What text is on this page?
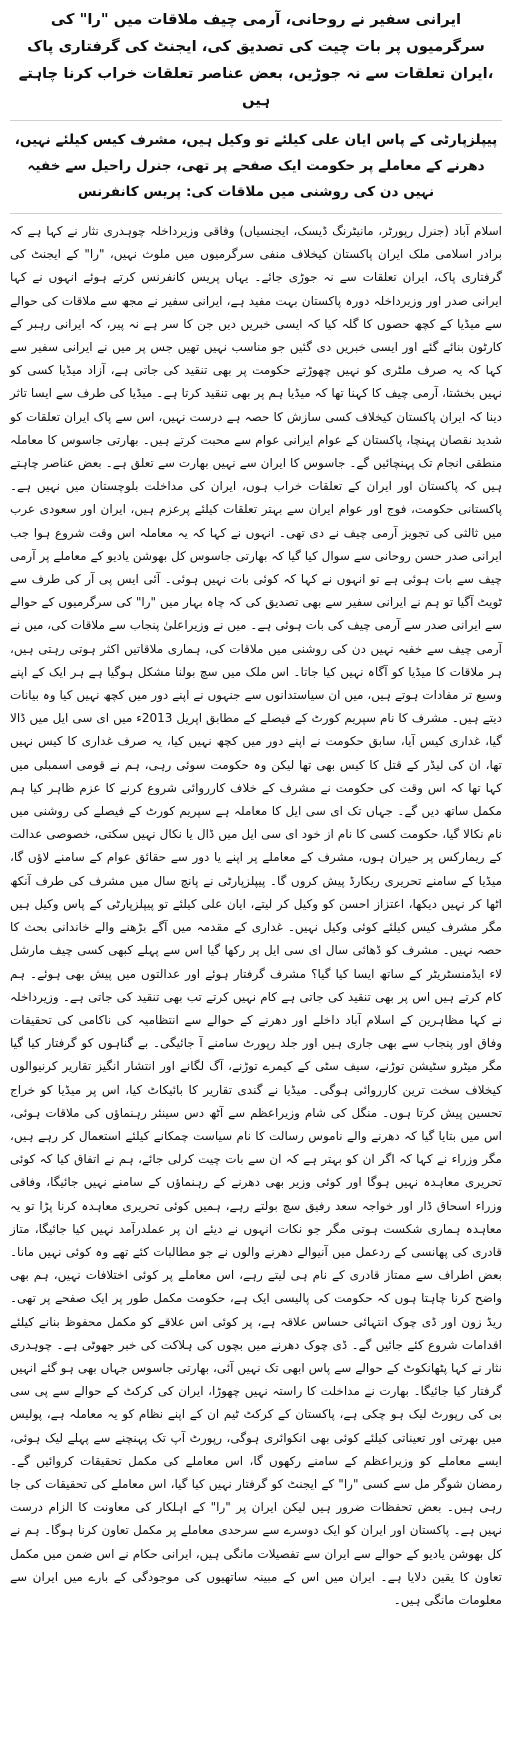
ایرانی سفیر نے روحانی، آرمی چیف ملاقات میں "را" کی سرگرمیوں پر بات چیت کی تصدیق کی، ایجنٹ کی گرفتاری پاک ،ایران تعلقات سے نہ جوڑیں، بعض عناصر تعلقات خراب کرنا چاہتے ہیں
پیپلزپارٹی کے پاس ایان علی کیلئے تو وکیل ہیں، مشرف کیس کیلئے نہیں، دھرنے کے معاملے پر حکومت ایک صفحے پر تھی، جنرل راحیل سے خفیہ نہیں دن کی روشنی میں ملاقات کی: پریس کانفرنس

اسلام آباد (جنرل رپورٹر، مانیٹرنگ ڈیسک، ایجنسیاں) وفاقی وزیرداخلہ چوہدری نثار نے کہا ہے کہ برادر اسلامی ملک ایران پاکستان کیخلاف منفی سرگرمیوں میں ملوث نہیں، "را" کے ایجنٹ کی گرفتاری پاک، ایران تعلقات سے نہ جوڑی جائے۔ یہاں پریس کانفرنس کرتے ہوئے انہوں نے کہا ایرانی صدر اور وزیرداخلہ دورہ پاکستان بہت مفید ہے، ایرانی سفیر نے مجھ سے ملاقات کی حوالے سے میڈیا کے کچھ حصوں کا گلہ کیا کہ ایسی خبریں دیں جن کا سر ہے نہ پیر، کہ ایرانی رہبر کے کارٹون بنائے گئے اور ایسی خبریں دی گئیں جو مناسب نہیں تھیں جس پر میں نے ایرانی سفیر سے کہا کہ یہ صرف ملٹری کو نہیں چھوڑتے حکومت پر بھی تنقید کی جاتی ہے، آزاد میڈیا کسی کو نہیں بخشتا، آرمی چیف کا کہنا تھا کہ میڈیا ہم پر بھی تنقید کرتا ہے۔ میڈیا کی طرف سے ایسا تاثر دینا کہ ایران پاکستان کیخلاف کسی سازش کا حصہ ہے درست نہیں، اس سے پاک ایران تعلقات کو شدید نقصان پہنچا، پاکستان کے عوام ایرانی عوام سے محبت کرتے ہیں۔ بھارتی جاسوس کا معاملہ منطقی انجام تک پہنچائیں گے۔ جاسوس کا ایران سے نہیں بھارت سے تعلق ہے۔ بعض عناصر چاہتے ہیں کہ پاکستان اور ایران کے تعلقات خراب ہوں، ایران کی مداخلت بلوچستان میں نہیں ہے۔ پاکستانی حکومت، فوج اور عوام ایران سے بہتر تعلقات کیلئے پرعزم ہیں، ایران اور سعودی عرب میں ثالثی کی تجویز آرمی چیف نے دی تھی۔ انہوں نے کہا کہ یہ معاملہ اس وقت شروع ہوا جب ایرانی صدر حسن روحانی سے سوال کیا گیا کہ بھارتی جاسوس کل بھوشن یادیو کے معاملے پر آرمی چیف سے بات ہوئی ہے تو انہوں نے کہا کہ کوئی بات نہیں ہوئی۔ آئی ایس پی آر کی طرف سے ٹویٹ آگیا تو ہم نے ایرانی سفیر سے بھی تصدیق کی کہ چاہ بہار میں "را" کی سرگرمیوں کے حوالے سے ایرانی صدر سے آرمی چیف کی بات ہوئی ہے۔ میں نے وزیراعلیٰ پنجاب سے ملاقات کی، میں نے آرمی چیف سے خفیہ نہیں دن کی روشنی میں ملاقات کی، ہماری ملاقاتیں اکثر ہوتی رہتی ہیں، ہر ملاقات کا میڈیا کو آگاہ نہیں کیا جاتا۔ اس ملک میں سچ بولنا مشکل ہوگیا ہے ہر ایک کے اپنے وسیع تر مفادات ہوتے ہیں، میں ان سیاستدانوں سے جنہوں نے اپنے دور میں کچھ نہیں کیا وہ بیانات دیتے ہیں۔ مشرف کا نام سپریم کورٹ کے فیصلے کے مطابق اپریل 2013ء میں ای سی ایل میں ڈالا گیا، غداری کیس آیا، سابق حکومت نے اپنے دور میں کچھ نہیں کیا، یہ صرف غداری کا کیس نہیں تھا، ان کی لیڈر کے قتل کا کیس بھی تھا لیکن وہ حکومت سوئی رہی، ہم نے قومی اسمبلی میں کہا تھا کہ اس وقت کی حکومت نے مشرف کے خلاف کارروائی شروع کرنے کا عزم ظاہر کیا ہم مکمل ساتھ دیں گے۔ جہاں تک ای سی ایل کا معاملہ ہے سپریم کورٹ کے فیصلے کی روشنی میں نام نکالا گیا، حکومت کسی کا نام از خود ای سی ایل میں ڈال یا نکال نہیں سکتی، خصوصی عدالت کے ریمارکس پر حیران ہوں، مشرف کے معاملے پر اپنے یا دور سے حقائق عوام کے سامنے لاؤں گا، میڈیا کے سامنے تحریری ریکارڈ پیش کروں گا۔ پیپلزپارٹی نے پانچ سال میں مشرف کی طرف آنکھ اٹھا کر نہیں دیکھا، اعتزاز احسن کو وکیل کر لیتے، ایان علی کیلئے تو پیپلزپارٹی کے پاس وکیل ہیں مگر مشرف کیس کیلئے کوئی وکیل نہیں۔ غداری کے مقدمہ میں آگے بڑھنے والے خاندانی بحث کا حصہ نہیں۔ مشرف کو ڈھائی سال ای سی ایل پر رکھا گیا اس سے پہلے کبھی کسی چیف مارشل لاء ایڈمنسٹریٹر کے ساتھ ایسا کیا گیا؟ مشرف گرفتار ہوئے اور عدالتوں میں پیش بھی ہوئے۔ ہم کام کرتے ہیں اس پر بھی تنقید کی جاتی ہے کام نہیں کرتے تب بھی تنقید کی جاتی ہے۔ وزیرداخلہ نے کہا مظاہرین کے اسلام آباد داخلے اور دھرنے کے حوالے سے انتظامیہ کی ناکامی کی تحقیقات وفاق اور پنجاب سے بھی جاری ہیں اور جلد رپورٹ سامنے آ جائیگی۔ بے گناہوں کو گرفتار کیا گیا مگر میٹرو سٹیشن توڑنے، سیف سٹی کے کیمرے توڑنے، آگ لگانے اور انتشار انگیز تقاریر کرنیوالوں کیخلاف سخت ترین کارروائی ہوگی۔ میڈیا نے گندی تقاریر کا بائیکاٹ کیا، اس پر میڈیا کو خراج تحسین پیش کرتا ہوں۔ منگل کی شام وزیراعظم سے آٹھ دس سینئر رہنماؤں کی ملاقات ہوئی، اس میں بتایا گیا کہ دھرنے والے ناموس رسالت کا نام سیاست چمکانے کیلئے استعمال کر رہے ہیں، مگر وزراء نے کہا کہ اگر ان کو بہتر ہے کہ ان سے بات چیت کرلی جائے، ہم نے اتفاق کیا کہ کوئی تحریری معاہدہ نہیں ہوگا اور کوئی وزیر بھی دھرنے کے رہنماؤں کے سامنے نہیں جائیگا، وفاقی وزراء اسحاق ڈار اور خواجہ سعد رفیق سچ بولتے رہے، ہمیں کوئی تحریری معاہدہ کرنا پڑا تو یہ معاہدہ ہماری شکست ہوتی مگر جو نکات انہوں نے دیئے ان پر عملدرآمد نہیں کیا جائیگا، متاز قادری کی پھانسی کے ردعمل میں آنیوالے دھرنے والوں نے جو مطالبات کئے تھے وہ کوئی نہیں مانا۔ بعض اطراف سے ممتاز قادری کے نام ہی لیتے رہے، اس معاملے پر کوئی اختلافات نہیں، ہم بھی واضح کرنا چاہتا ہوں کہ حکومت کی پالیسی ایک ہے، حکومت مکمل طور پر ایک صفحے پر تھی۔ ریڈ زون اور ڈی چوک انتہائی حساس علاقہ ہے، پر کوئی اس علاقے کو مکمل محفوظ بنانے کیلئے اقدامات شروع کئے جائیں گے۔ ڈی چوک دھرنے میں بچوں کی ہلاکت کی خبر جھوٹی ہے۔ چوہدری نثار نے کہا پٹھانکوٹ کے حوالے سے پاس ابھی تک نہیں آئی، بھارتی جاسوس جہاں بھی ہو گئے انہیں گرفتار کیا جائیگا۔ بھارت نے مداخلت کا راستہ نہیں چھوڑا، ایران کی کرکٹ کے حوالے سے پی سی بی کی رپورٹ لیک ہو چکی ہے، پاکستان کے کرکٹ ٹیم ان کے اپنے نظام کو یہ معاملہ ہے، پولیس میں بھرتی اور تعیناتی کیلئے کوئی بھی انکوائری ہوگی، رپورٹ آپ تک پہنچنے سے پہلے لیک ہوئی، ایسے معاملے کو وزیراعظم کے سامنے رکھوں گا، اس معاملے کی مکمل تحقیقات کروائیں گے۔ رمضان شوگر مل سے کسی "را" کے ایجنٹ کو گرفتار نہیں کیا گیا، اس معاملے کی تحقیقات کی جا رہی ہیں۔ بعض تحفظات ضرور ہیں لیکن ایران پر "را" کے اہلکار کی معاونت کا الزام درست نہیں ہے۔ پاکستان اور ایران کو ایک دوسرے سے سرحدی معاملے پر مکمل تعاون کرنا ہوگا۔ ہم نے کل بھوشن یادیو کے حوالے سے ایران سے تفصیلات مانگی ہیں، ایرانی حکام نے اس ضمن میں مکمل تعاون کا یقین دلایا ہے۔ ایران میں اس کے مبینہ ساتھیوں کی موجودگی کے بارے میں ایران سے معلومات مانگی ہیں۔
